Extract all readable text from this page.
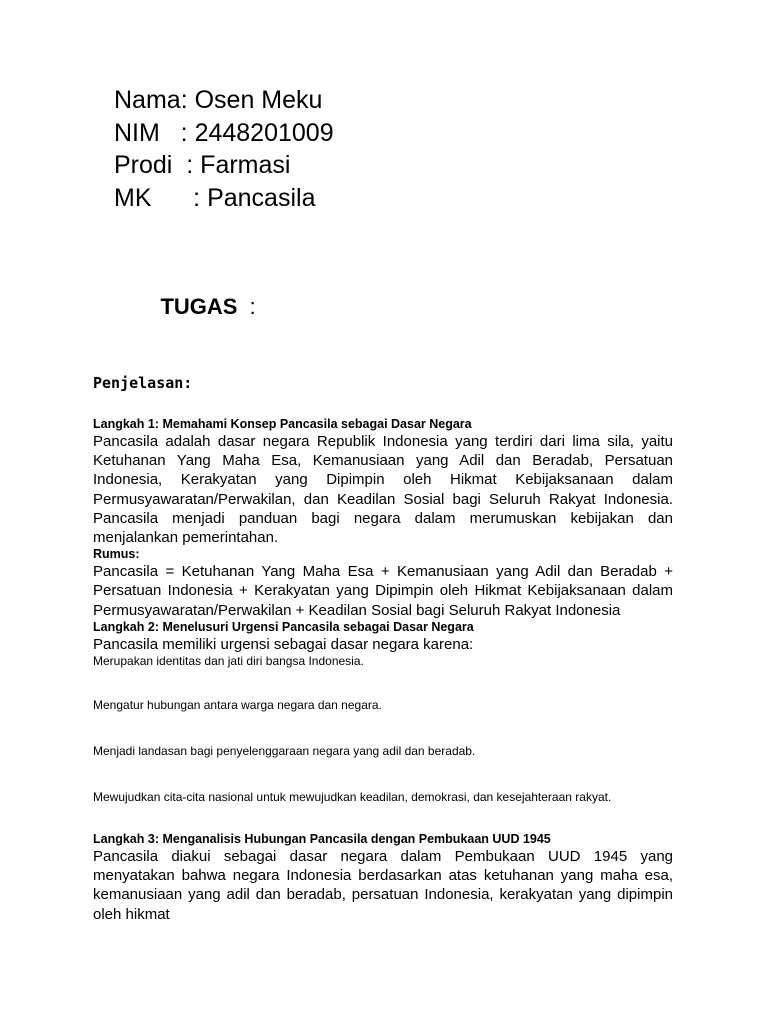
Nama : Osen Meku
NIM : 2448201009
Prodi : Farmasi
MK : Pancasila

TUGAS  :

Penjelasan:
Langkah 1: Memahami Konsep Pancasila sebagai Dasar Negara
Pancasila adalah dasar negara Republik Indonesia yang terdiri dari lima sila, yaitu Ketuhanan Yang Maha Esa, Kemanusiaan yang Adil dan Beradab, Persatuan Indonesia, Kerakyatan yang Dipimpin oleh Hikmat Kebijaksanaan dalam Permusyawaratan/Perwakilan, dan Keadilan Sosial bagi Seluruh Rakyat Indonesia. Pancasila menjadi panduan bagi negara dalam merumuskan kebijakan dan menjalankan pemerintahan.
Rumus:
Pancasila = Ketuhanan Yang Maha Esa + Kemanusiaan yang Adil dan Beradab + Persatuan Indonesia + Kerakyatan yang Dipimpin oleh Hikmat Kebijaksanaan dalam Permusyawaratan/Perwakilan + Keadilan Sosial bagi Seluruh Rakyat Indonesia
Langkah 2: Menelusuri Urgensi Pancasila sebagai Dasar Negara
Pancasila memiliki urgensi sebagai dasar negara karena:
Merupakan identitas dan jati diri bangsa Indonesia.
Mengatur hubungan antara warga negara dan negara.
Menjadi landasan bagi penyelenggaraan negara yang adil dan beradab.
Mewujudkan cita-cita nasional untuk mewujudkan keadilan, demokrasi, dan kesejahteraan rakyat.
Langkah 3: Menganalisis Hubungan Pancasila dengan Pembukaan UUD 1945
Pancasila diakui sebagai dasar negara dalam Pembukaan UUD 1945 yang menyatakan bahwa negara Indonesia berdasarkan atas ketuhanan yang maha esa, kemanusiaan yang adil dan beradab, persatuan Indonesia, kerakyatan yang dipimpin oleh hikmat
